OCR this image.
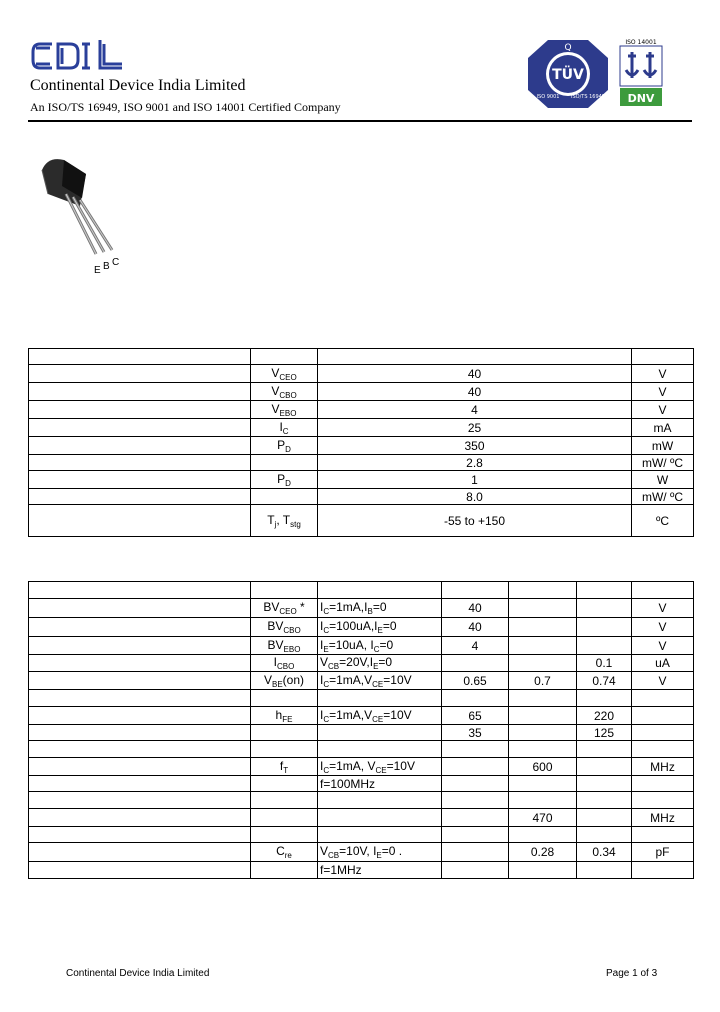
Continental Device India Limited
An ISO/TS 16949, ISO 9001 and ISO 14001 Certified Company
Q
TÜV
ISO 9001 ISO/TS 16949
ISO 14001
DNV
E B C

	$V_{CEO}$	40	V
	$V_{CBO}$	40	V
	$V_{EBO}$	4	V
	$I_C$	25	mA
	$P_D$	350	mW
		2.8	mW/ ºC
	$P_D$	1	W
		8.0	mW/ ºC
	$T_j$, $T_{stg}$	-55 to +150	ºC

	$BV_{CEO}$ *	$I_C=1mA,I_B=0$	40			V
	$BV_{CBO}$	$I_C=100uA,I_E=0$	40			V
	$BV_{EBO}$	$I_E=10uA$, $I_C=0$	4			V
	$I_{CBO}$	$V_{CB}=20V,I_E=0$			0.1	uA
	$V_{BE}(on)$	$I_C=1mA,V_{CE}=10V$	0.65	0.7	0.74	V

	$h_{FE}$	$I_C=1mA,V_{CE}=10V$	65		220	
			35		125	

	$f_T$	$I_C=1mA$, $V_{CE}=10V$		600		MHz
		f=100MHz				

				470		MHz

	$C_{re}$	$V_{CB}=10V$, $I_E=0$ .		0.28	0.34	pF
		f=1MHz				
Continental Device India Limited	Page 1 of 3
